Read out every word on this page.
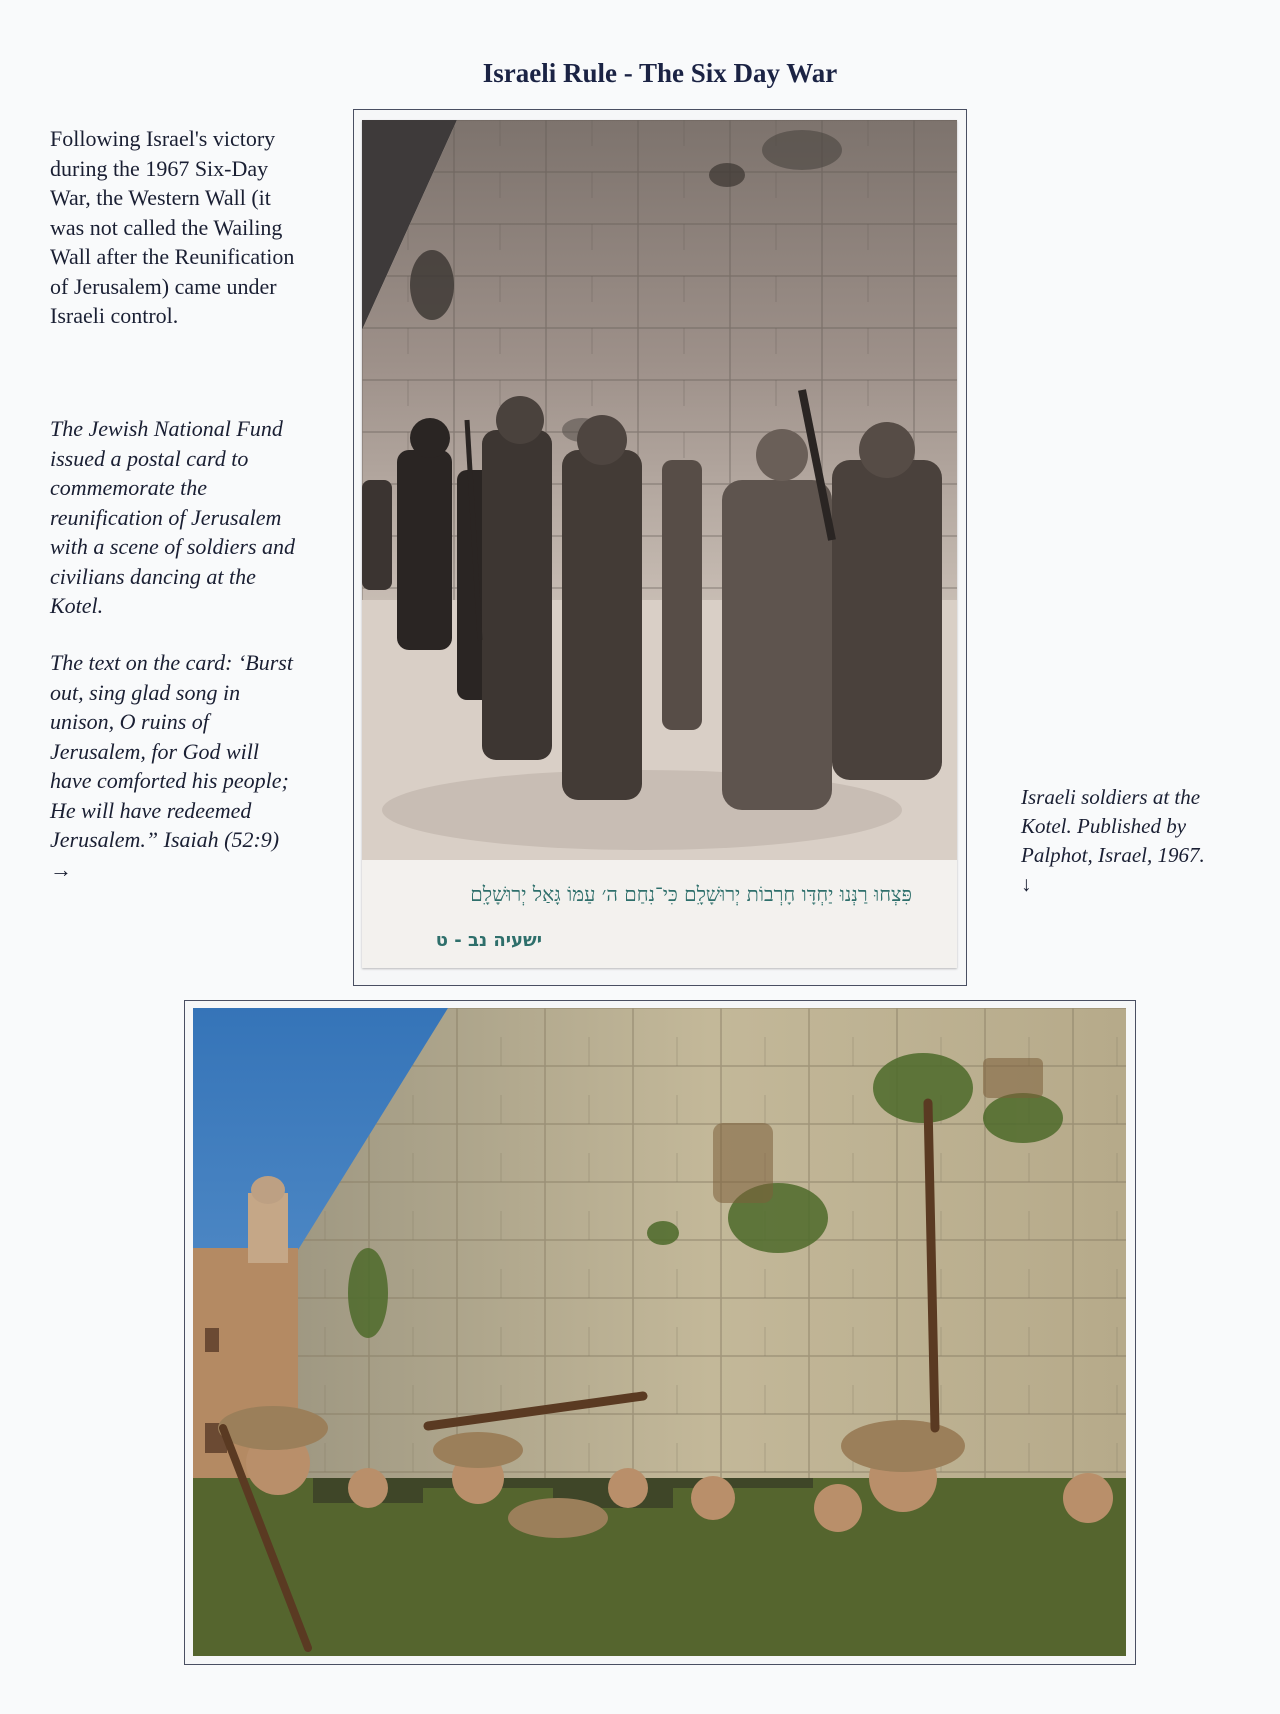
Israeli Rule - The Six Day War

Following Israel's victory during the 1967 Six-Day War, the Western Wall (it was not called the Wailing Wall after the Reunification of Jerusalem) came under Israeli control.

The Jewish National Fund issued a postal card to commemorate the reunification of Jerusalem with a scene of soldiers and civilians dancing at the Kotel.

The text on the card: ‘Burst out, sing glad song in unison, O ruins of Jerusalem, for God will have comforted his people; He will have redeemed Jerusalem.” Isaiah (52:9)
→

Israeli soldiers at the Kotel. Published by Palphot, Israel, 1967.
↓

פִּצְחוּ רַנְּנוּ יַחְדָּו חָרְבוֹת יְרוּשָׁלִָם כִּי־נִחַם ה׳ עַמּוֹ גָּאַל יְרוּשָׁלִָם
ישעיה נב - ט
